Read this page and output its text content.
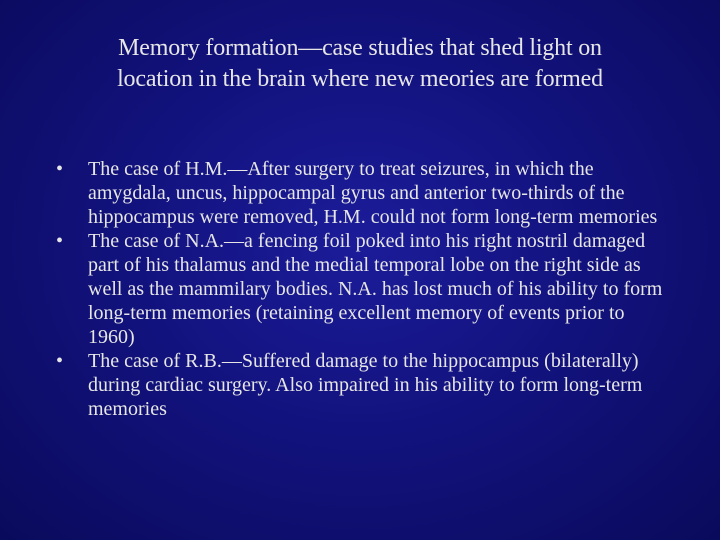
Memory formation—case studies that shed light on
location in the brain where new meories are formed
•	The case of H.M.—After surgery to treat seizures, in which the amygdala, uncus, hippocampal gyrus and anterior two-thirds of the hippocampus were removed, H.M. could not form long-term memories
•	The case of N.A.—a fencing foil poked into his right nostril damaged part of his thalamus and the medial temporal lobe on the right side as well as the mammilary bodies. N.A. has lost much of his ability to form long-term memories (retaining excellent memory of events prior to 1960)
•	The case of R.B.—Suffered damage to the hippocampus (bilaterally) during cardiac surgery. Also impaired in his ability to form long-term memories
